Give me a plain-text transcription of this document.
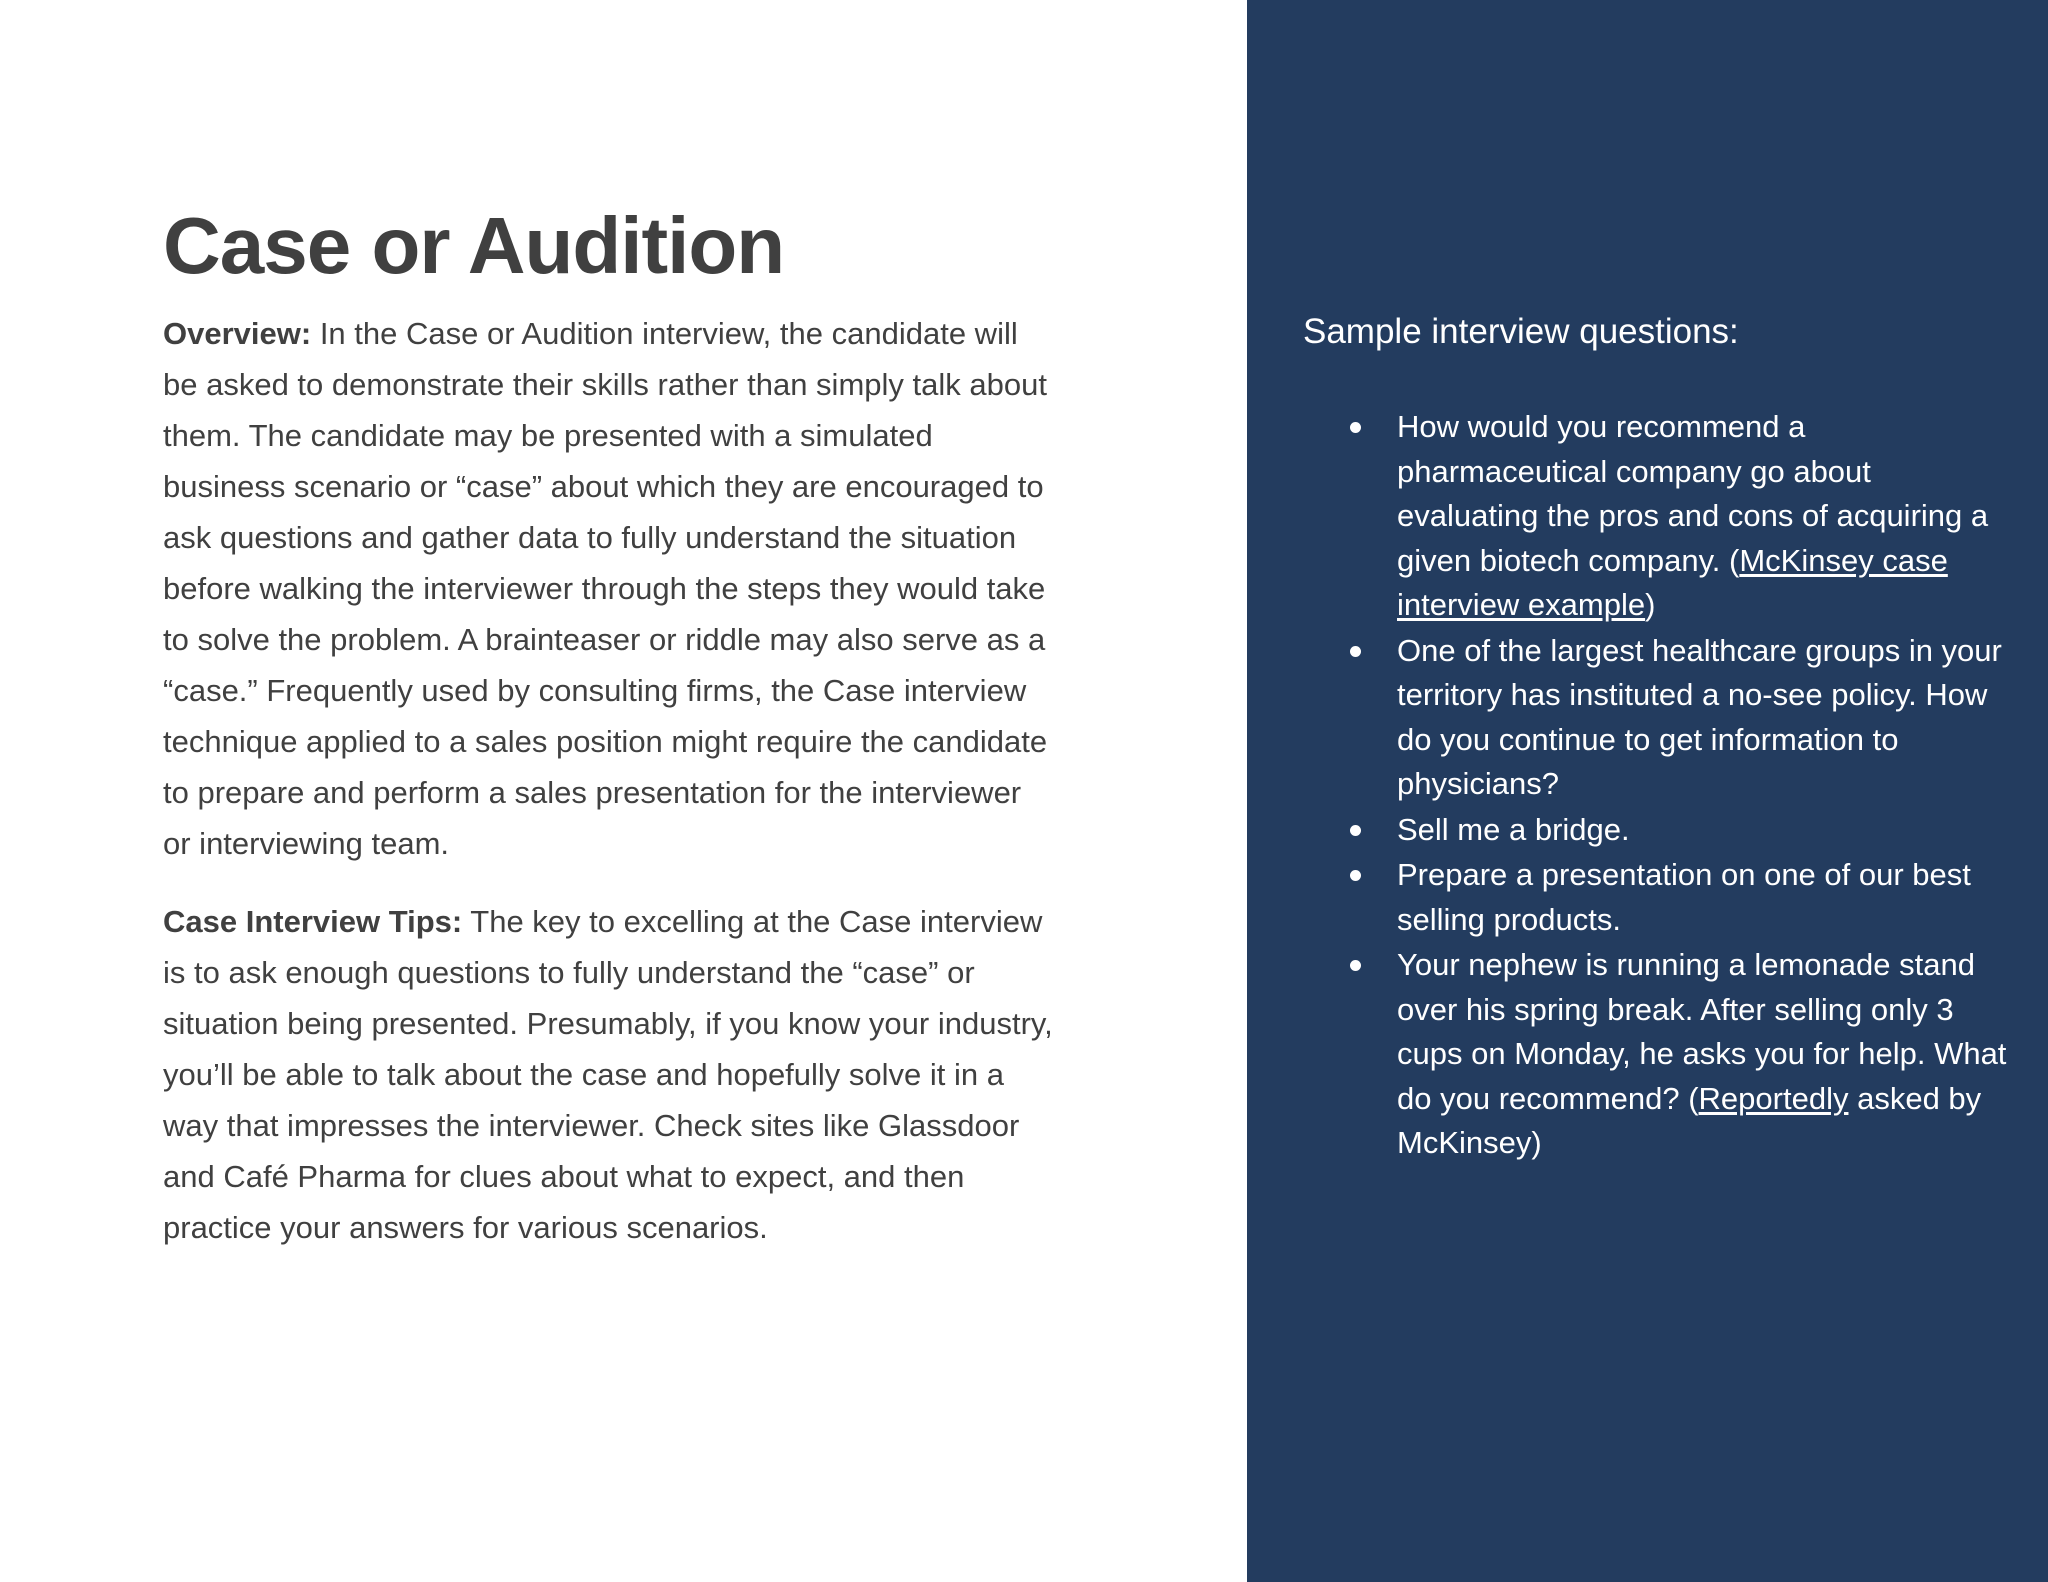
Case or Audition

Overview: In the Case or Audition interview, the candidate will be asked to demonstrate their skills rather than simply talk about them. The candidate may be presented with a simulated business scenario or “case” about which they are encouraged to ask questions and gather data to fully understand the situation before walking the interviewer through the steps they would take to solve the problem. A brainteaser or riddle may also serve as a “case.” Frequently used by consulting firms, the Case interview technique applied to a sales position might require the candidate to prepare and perform a sales presentation for the interviewer or interviewing team.

Case Interview Tips: The key to excelling at the Case interview is to ask enough questions to fully understand the “case” or situation being presented. Presumably, if you know your industry, you’ll be able to talk about the case and hopefully solve it in a way that impresses the interviewer. Check sites like Glassdoor and Café Pharma for clues about what to expect, and then practice your answers for various scenarios.

Sample interview questions:
How would you recommend a pharmaceutical company go about evaluating the pros and cons of acquiring a given biotech company. (McKinsey case interview example)
One of the largest healthcare groups in your territory has instituted a no-see policy. How do you continue to get information to physicians?
Sell me a bridge.
Prepare a presentation on one of our best selling products.
Your nephew is running a lemonade stand over his spring break. After selling only 3 cups on Monday, he asks you for help. What do you recommend? (Reportedly asked by McKinsey)
